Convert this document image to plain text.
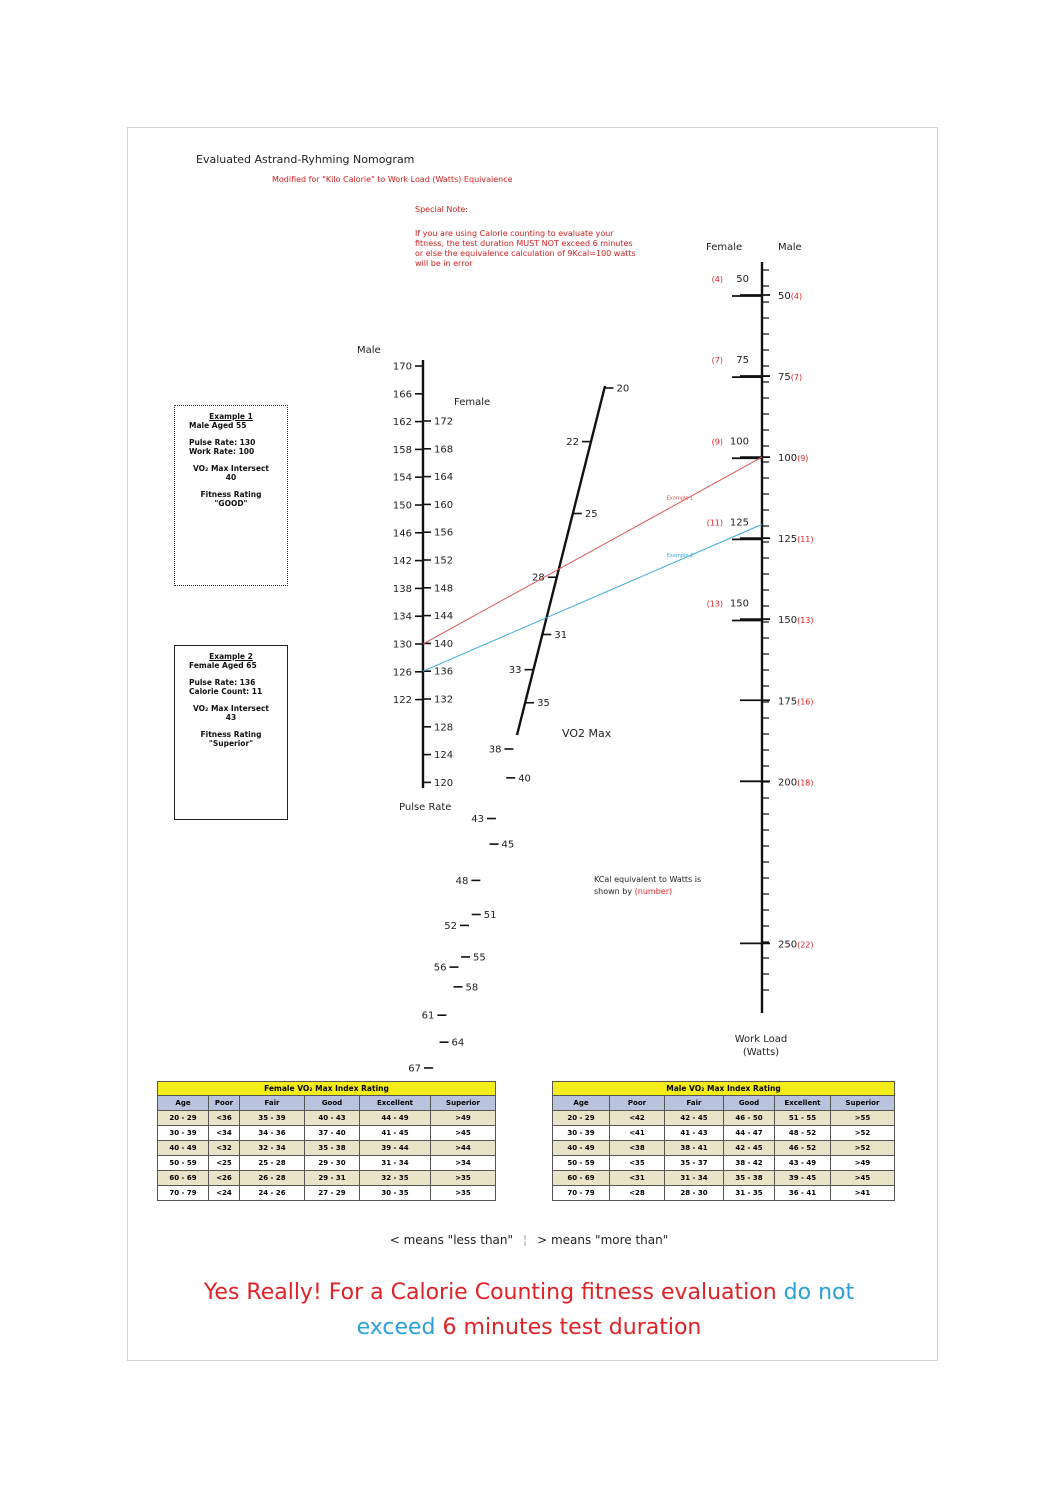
Evaluated Astrand-Ryhming Nomogram
Modified for "Kilo Calorie" to Work Load (Watts) Equivalence
Special Note:
If you are using Calorie counting to evaluate your
fitness, the test duration MUST NOT exceed 6 minutes
or else the equivalence calculation of 9Kcal=100 watts
will be in error
Male
Female
Pulse Rate
170
166
162
158
154
150
146
142
138
134
130
126
122
172
168
164
160
156
152
148
144
140
136
132
128
124
120
VO2 Max
20
25
31
35
40
45
51
55
58
64
22
28
33
38
43
48
52
56
61
67
Female	Male
Work Load
(Watts)
50
(4)
75
(7)
100
(9)
125
(11)
150
(13)
50(4)
75(7)
100(9)
125(11)
150(13)
175(16)
200(18)
250(22)
Example 1
Example 2
KCal equivalent to Watts is
shown by (number)
Example 1
Male Aged 55
Pulse Rate: 130
Work Rate: 100
VO₂ Max Intersect
40
Fitness Rating
"GOOD"
Example 2
Female Aged 65
Pulse Rate: 136
Calorie Count: 11
VO₂ Max Intersect
43
Fitness Rating
"Superior"
Female VO₂ Max Index Rating
Age	Poor	Fair	Good	Excellent	Superior
20 - 29	<36	35 - 39	40 - 43	44 - 49	>49
30 - 39	<34	34 - 36	37 - 40	41 - 45	>45
40 - 49	<32	32 - 34	35 - 38	39 - 44	>44
50 - 59	<25	25 - 28	29 - 30	31 - 34	>34
60 - 69	<26	26 - 28	29 - 31	32 - 35	>35
70 - 79	<24	24 - 26	27 - 29	30 - 35	>35
Male VO₂ Max Index Rating
Age	Poor	Fair	Good	Excellent	Superior
20 - 29	<42	42 - 45	46 - 50	51 - 55	>55
30 - 39	<41	41 - 43	44 - 47	48 - 52	>52
40 - 49	<38	38 - 41	42 - 45	46 - 52	>52
50 - 59	<35	35 - 37	38 - 42	43 - 49	>49
60 - 69	<31	31 - 34	35 - 38	39 - 45	>45
70 - 79	<28	28 - 30	31 - 35	36 - 41	>41
< means "less than" ¦ > means "more than"
Yes Really! For a Calorie Counting fitness evaluation do not
exceed 6 minutes test duration
